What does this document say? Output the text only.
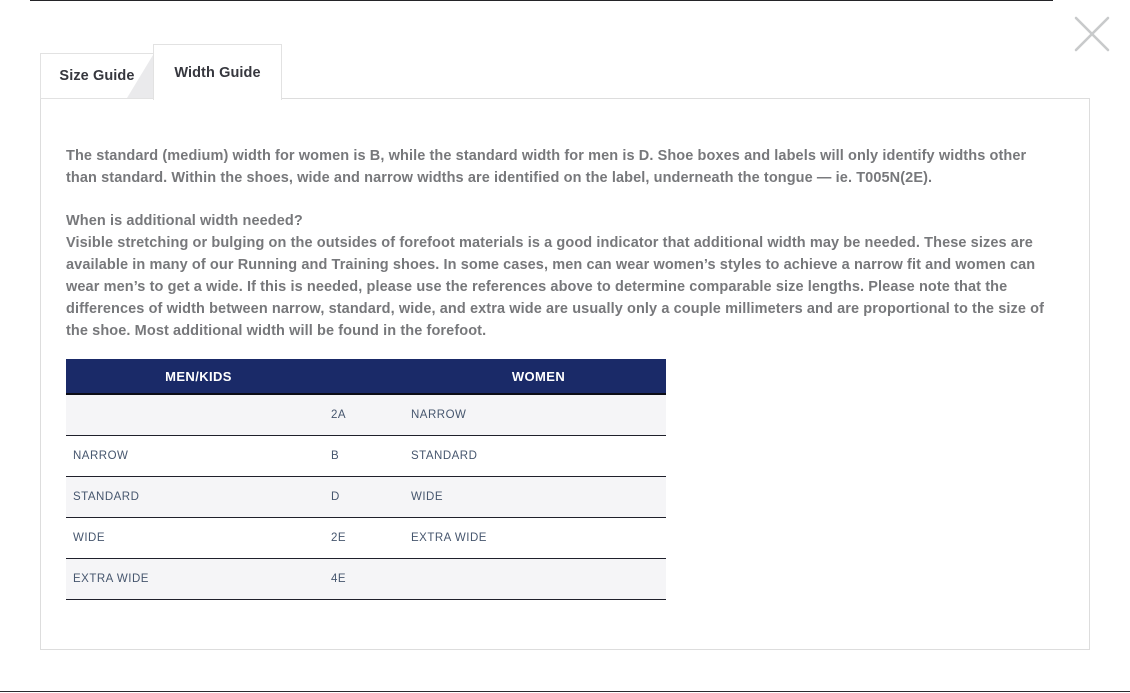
Size Guide	Width Guide

The standard (medium) width for women is B, while the standard width for men is D. Shoe boxes and labels will only identify widths other than standard. Within the shoes, wide and narrow widths are identified on the label, underneath the tongue — ie. T005N(2E).

When is additional width needed?

Visible stretching or bulging on the outsides of forefoot materials is a good indicator that additional width may be needed. These sizes are available in many of our Running and Training shoes. In some cases, men can wear women’s styles to achieve a narrow fit and women can wear men’s to get a wide. If this is needed, please use the references above to determine comparable size lengths. Please note that the differences of width between narrow, standard, wide, and extra wide are usually only a couple millimeters and are proportional to the size of the shoe. Most additional width will be found in the forefoot.

MEN/KIDS		WOMEN
	2A	NARROW
NARROW	B	STANDARD
STANDARD	D	WIDE
WIDE	2E	EXTRA WIDE
EXTRA WIDE	4E	
